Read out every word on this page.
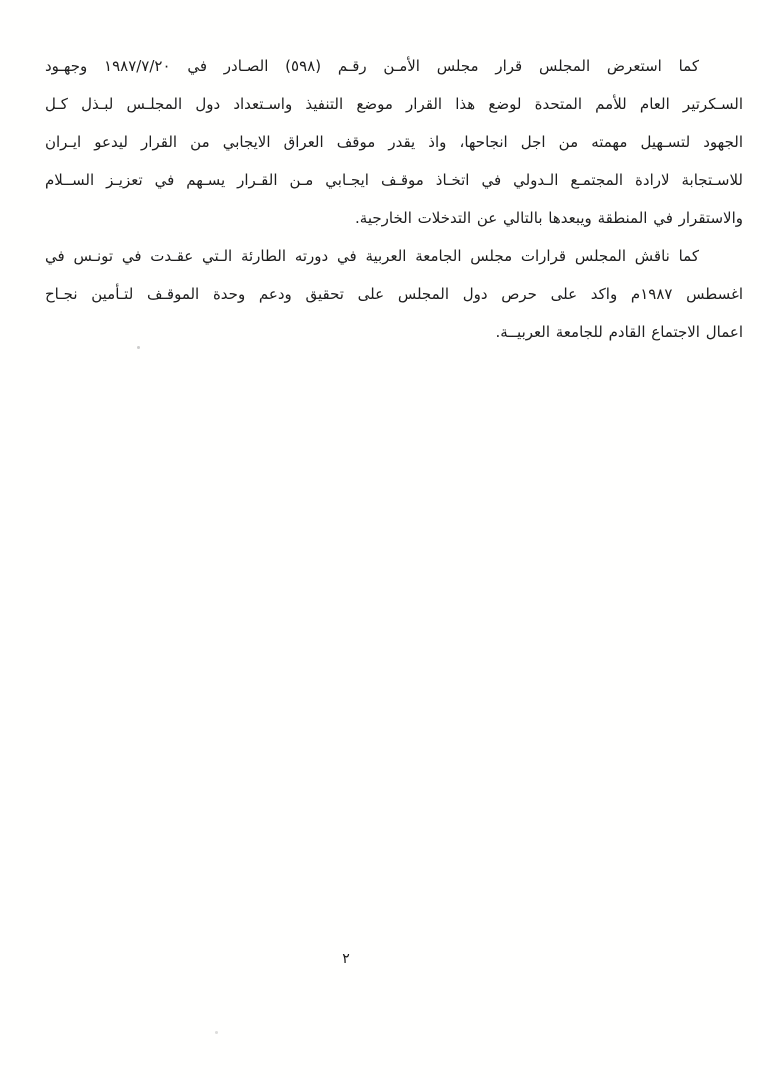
كما استعرض المجلس قرار مجلس الأمـن رقـم (٥٩٨) الصـادر في ١٩٨٧/٧/٢٠ وجهـود
السـكرتير العام للأمم المتحدة لوضع هذا القرار موضع التنفيذ واسـتعداد دول المجلـس لبـذل كـل
الجهود لتسـهيل مهمته من اجل انجاحها، واذ يقدر موقف العراق الايجابي من القرار ليدعو ايـران
للاسـتجابة لارادة المجتمـع الـدولي في اتخـاذ موقـف ايجـابي مـن القـرار يسـهم في تعزيـز الســلام
والاستقرار في المنطقة ويبعدها بالتالي عن التدخلات الخارجية.
كما ناقش المجلس قرارات مجلس الجامعة العربية في دورته الطارئة الـتي عقـدت في تونـس في
اغسطس ١٩٨٧م واكد على حرص دول المجلس على تحقيق ودعم وحدة الموقـف لتـأمين نجـاح
اعمال الاجتماع القادم للجامعة العربيــة.
٢
